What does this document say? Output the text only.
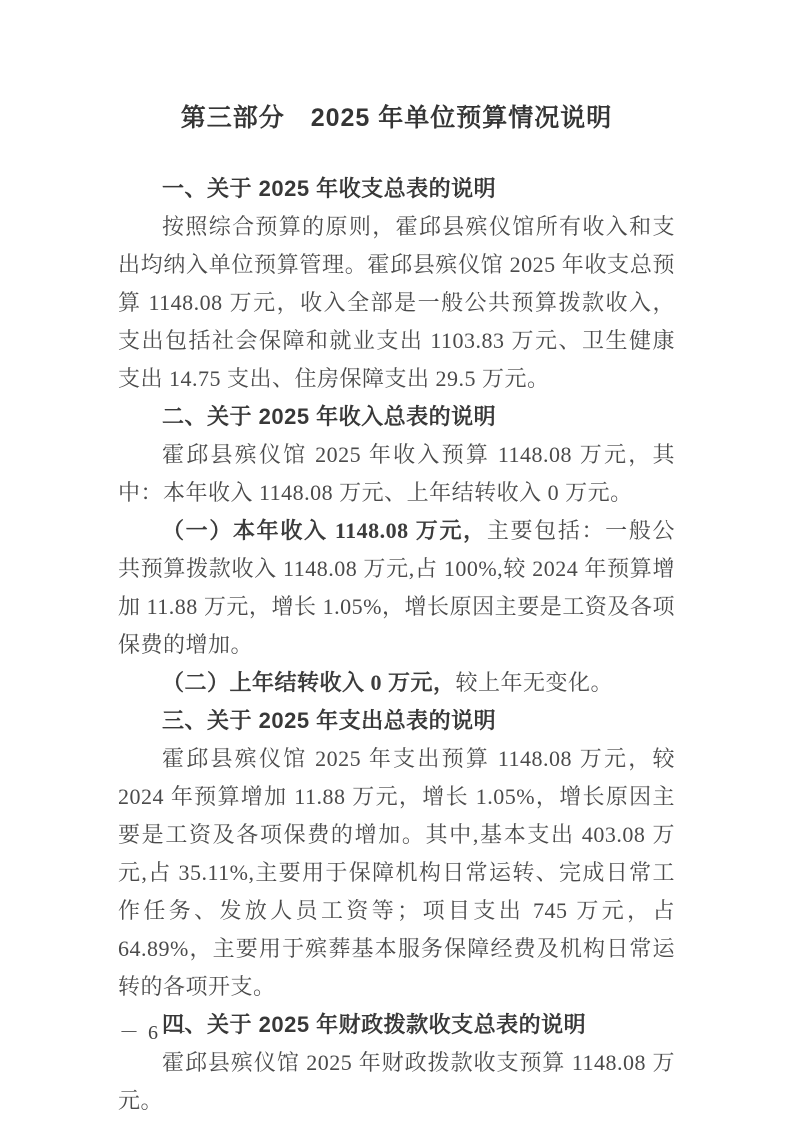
第三部分　2025 年单位预算情况说明
一、关于 2025 年收支总表的说明

按照综合预算的原则，霍邱县殡仪馆所有收入和支出均纳入单位预算管理。霍邱县殡仪馆 2025 年收支总预算 1148.08 万元，收入全部是一般公共预算拨款收入，支出包括社会保障和就业支出 1103.83 万元、卫生健康支出 14.75 支出、住房保障支出 29.5 万元。

二、关于 2025 年收入总表的说明

霍邱县殡仪馆 2025 年收入预算 1148.08 万元，其中：本年收入 1148.08 万元、上年结转收入 0 万元。

（一）本年收入 1148.08 万元，主要包括：一般公共预算拨款收入 1148.08 万元,占 100%,较 2024 年预算增加 11.88 万元，增长 1.05%，增长原因主要是工资及各项保费的增加。

（二）上年结转收入 0 万元，较上年无变化。

三、关于 2025 年支出总表的说明

霍邱县殡仪馆 2025 年支出预算 1148.08 万元，较 2024 年预算增加 11.88 万元，增长 1.05%，增长原因主要是工资及各项保费的增加。其中,基本支出 403.08 万元,占 35.11%,主要用于保障机构日常运转、完成日常工作任务、发放人员工资等；项目支出 745 万元，占 64.89%，主要用于殡葬基本服务保障经费及机构日常运转的各项开支。

四、关于 2025 年财政拨款收支总表的说明

霍邱县殡仪馆 2025 年财政拨款收支预算 1148.08 万元。

－ 6 －
